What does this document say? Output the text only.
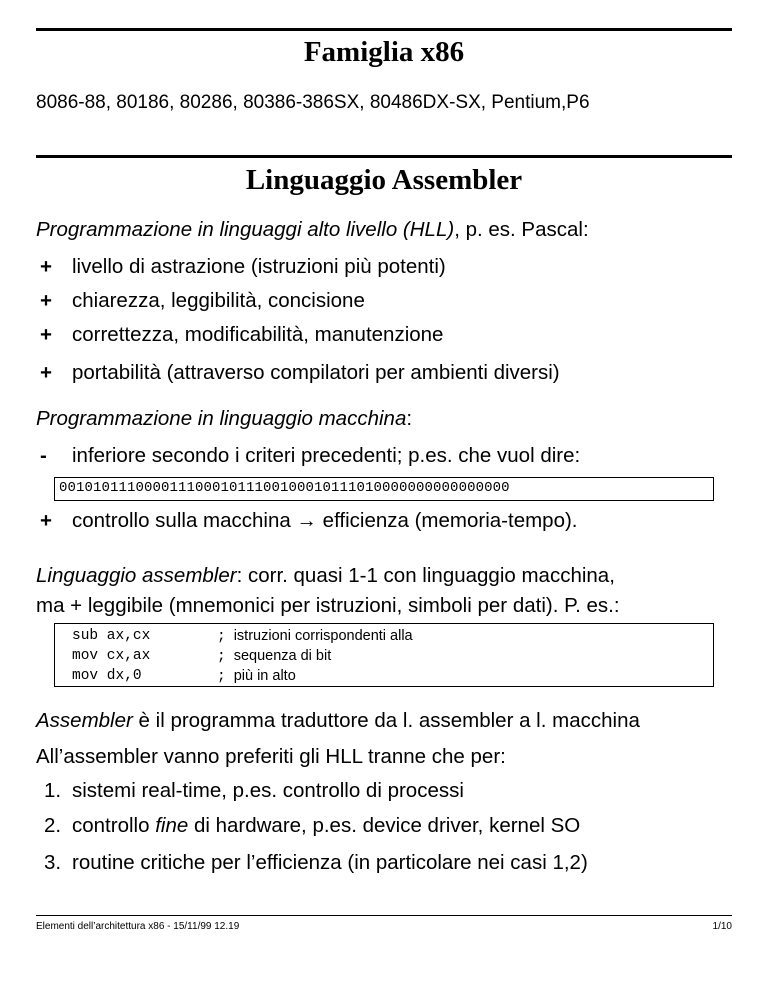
Famiglia x86
8086-88, 80186, 80286, 80386-386SX, 80486DX-SX, Pentium,P6
Linguaggio Assembler
Programmazione in linguaggi alto livello (HLL), p. es. Pascal:
+ livello di astrazione (istruzioni più potenti)
+ chiarezza, leggibilità, concisione
+ correttezza, modificabilità, manutenzione
+ portabilità (attraverso compilatori per ambienti diversi)
Programmazione in linguaggio macchina:
- inferiore secondo i criteri precedenti; p.es. che vuol dire:
00101011100001110001011100100010111010000000000000000
+ controllo sulla macchina → efficienza (memoria-tempo).
Linguaggio assembler: corr. quasi 1-1 con linguaggio macchina,
ma + leggibile (mnemonici per istruzioni, simboli per dati). P. es.:
sub ax,cx	; istruzioni corrispondenti alla
mov cx,ax	; sequenza di bit
mov dx,0	; più in alto
Assembler è il programma traduttore da l. assembler a l. macchina
All’assembler vanno preferiti gli HLL tranne che per:
1. sistemi real-time, p.es. controllo di processi
2. controllo fine di hardware, p.es. device driver, kernel SO
3. routine critiche per l’efficienza (in particolare nei casi 1,2)
Elementi dell’architettura x86 - 15/11/99 12.19	1/10
